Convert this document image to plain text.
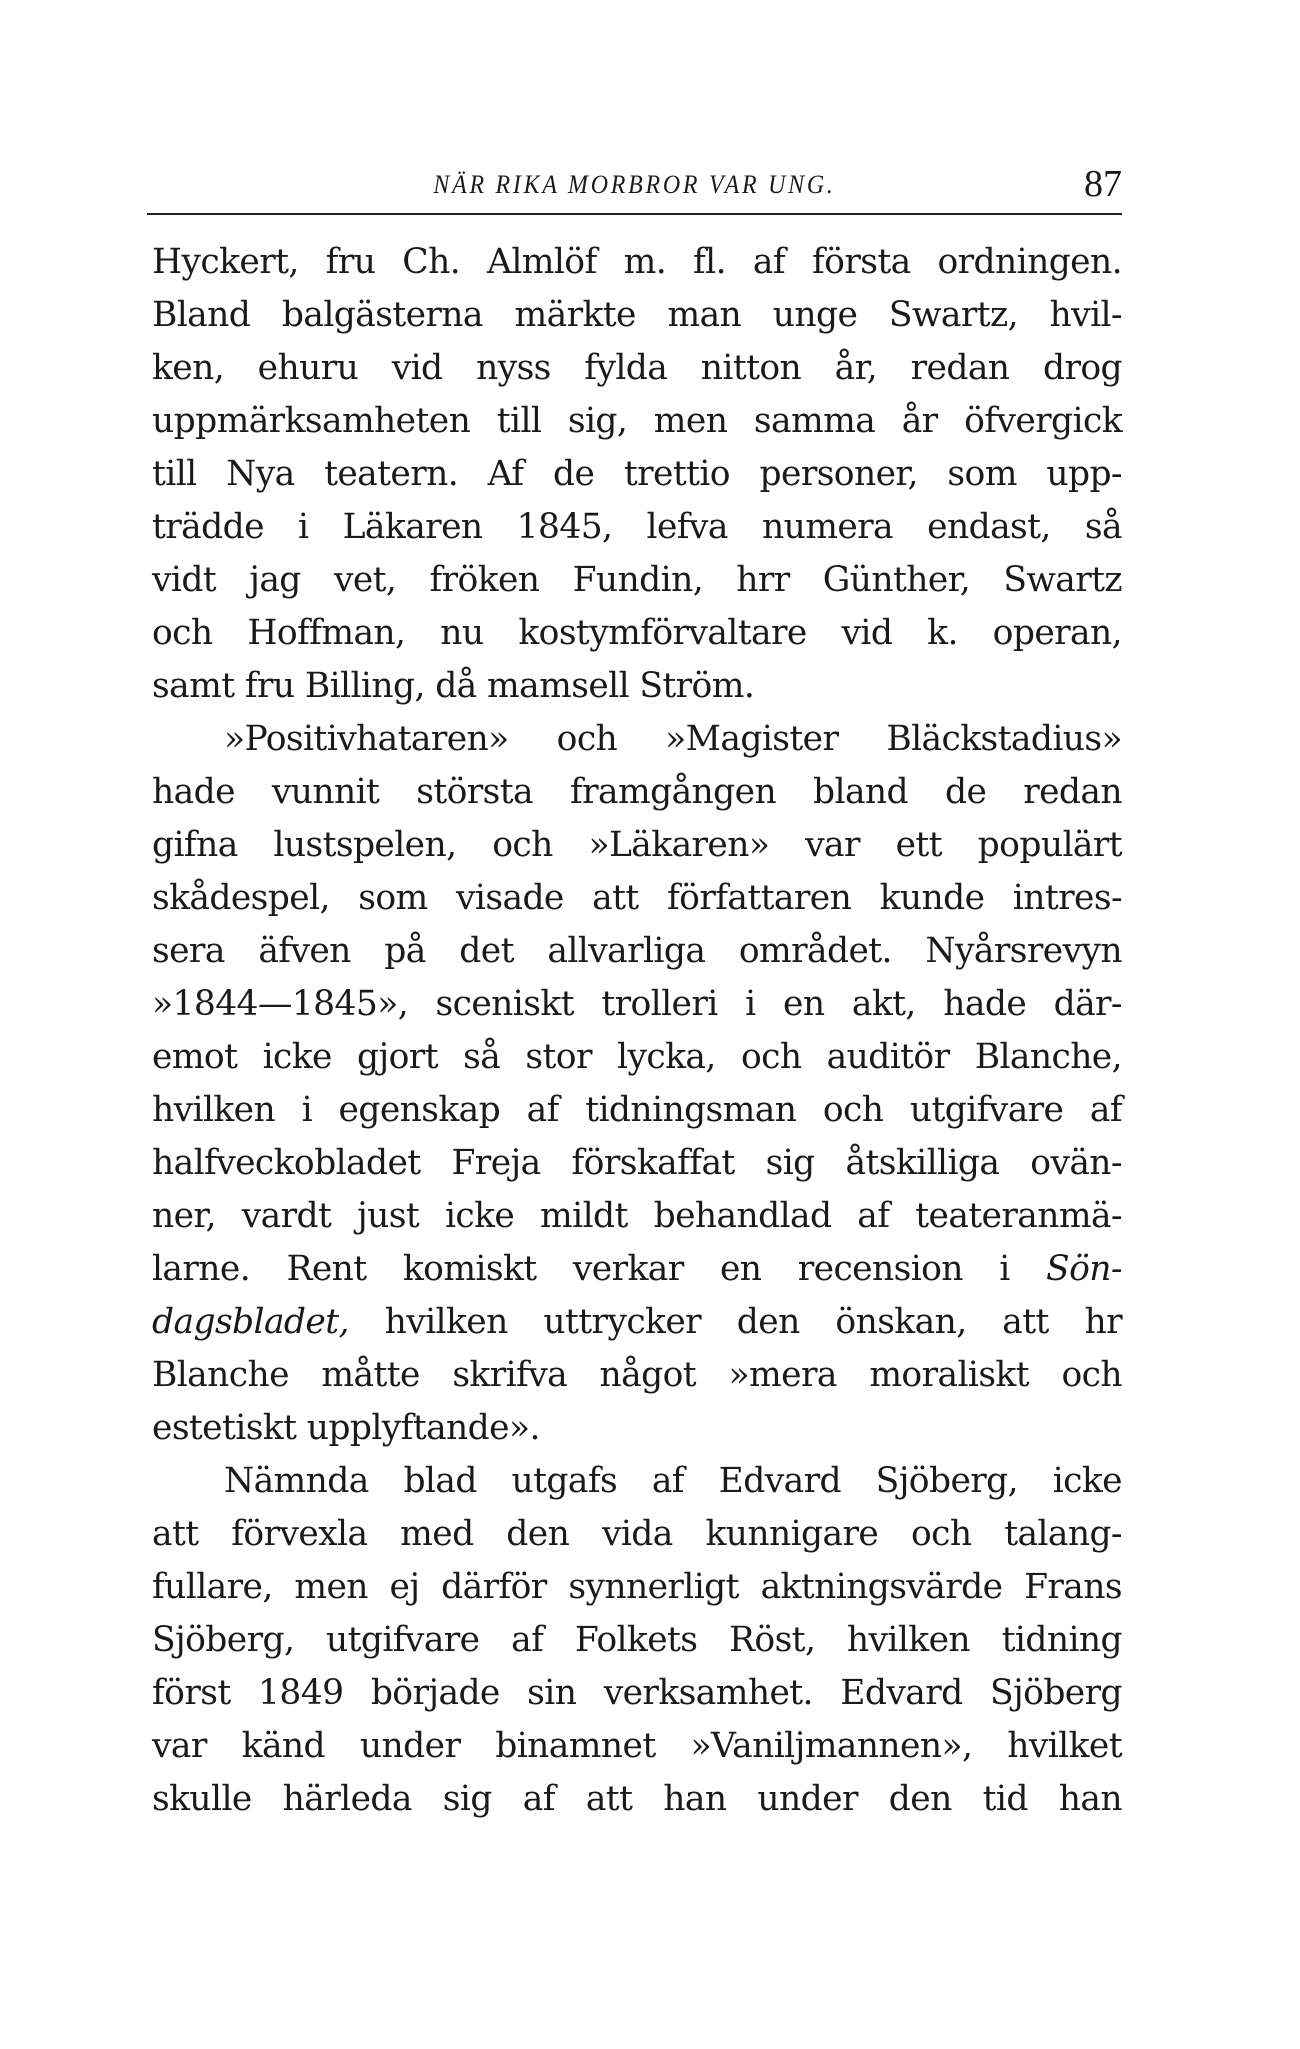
NÄR RIKA MORBROR VAR UNG.	87
Hyckert, fru Ch. Almlöf m. fl. af första ordningen.
Bland balgästerna märkte man unge Swartz, hvil-
ken, ehuru vid nyss fylda nitton år, redan drog
uppmärksamheten till sig, men samma år öfvergick
till Nya teatern. Af de trettio personer, som upp-
trädde i Läkaren 1845, lefva numera endast, så
vidt jag vet, fröken Fundin, hrr Günther, Swartz
och Hoffman, nu kostymförvaltare vid k. operan,
samt fru Billing, då mamsell Ström.
»Positivhataren» och »Magister Bläckstadius»
hade vunnit största framgången bland de redan
gifna lustspelen, och »Läkaren» var ett populärt
skådespel, som visade att författaren kunde intres-
sera äfven på det allvarliga området. Nyårsrevyn
»1844—1845», sceniskt trolleri i en akt, hade där-
emot icke gjort så stor lycka, och auditör Blanche,
hvilken i egenskap af tidningsman och utgifvare af
halfveckobladet Freja förskaffat sig åtskilliga ovän-
ner, vardt just icke mildt behandlad af teateranmä-
larne. Rent komiskt verkar en recension i Sön-
dagsbladet, hvilken uttrycker den önskan, att hr
Blanche måtte skrifva något »mera moraliskt och
estetiskt upplyftande».
Nämnda blad utgafs af Edvard Sjöberg, icke
att förvexla med den vida kunnigare och talang-
fullare, men ej därför synnerligt aktningsvärde Frans
Sjöberg, utgifvare af Folkets Röst, hvilken tidning
först 1849 började sin verksamhet. Edvard Sjöberg
var känd under binamnet »Vaniljmannen», hvilket
skulle härleda sig af att han under den tid han
